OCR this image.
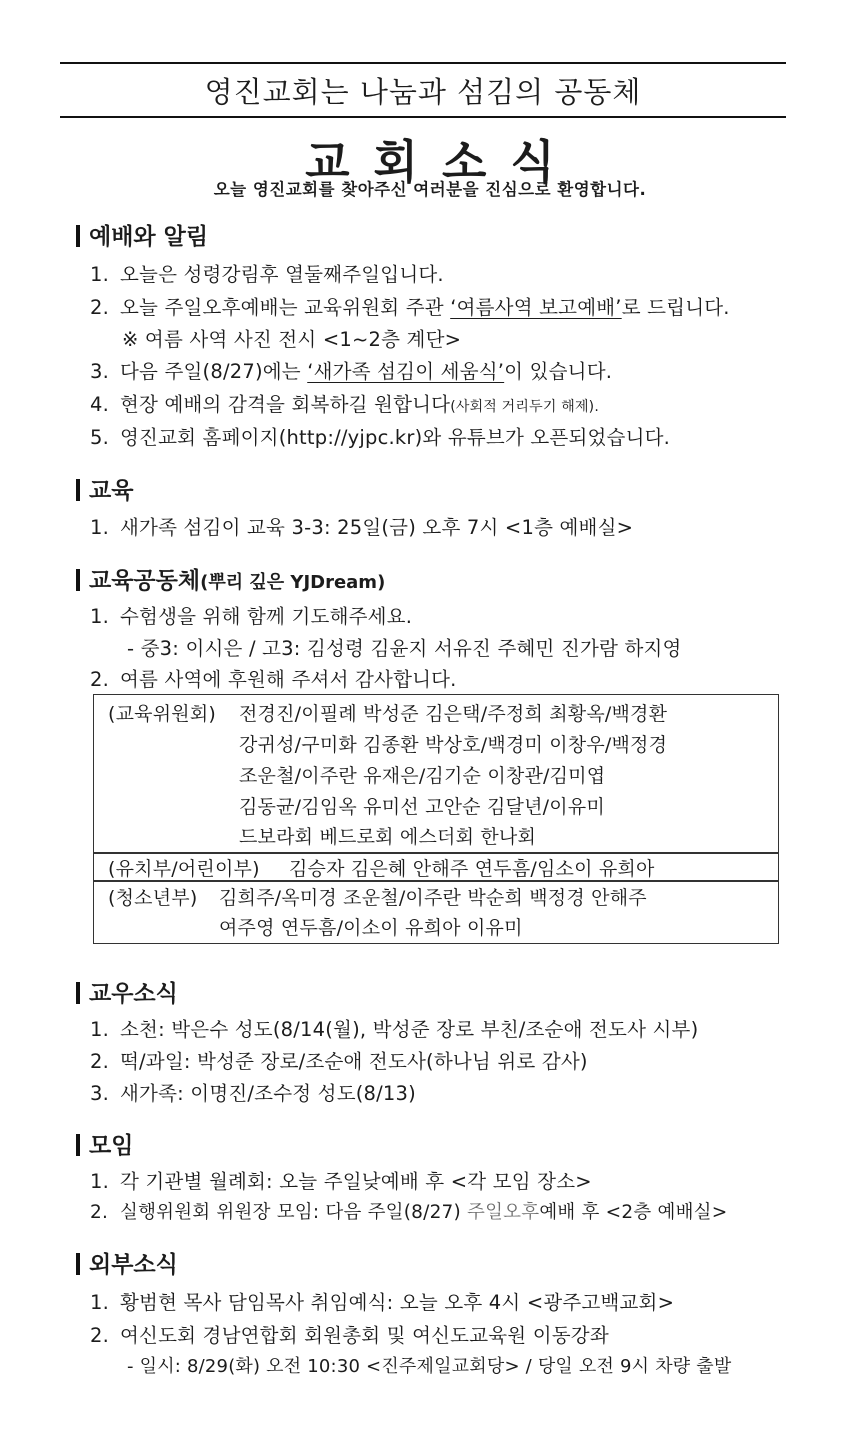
영진교회는 나눔과 섬김의 공동체
교회소식
오늘 영진교회를 찾아주신 여러분을 진심으로 환영합니다.
예배와 알림
1. 오늘은 성령강림후 열둘째주일입니다.
2. 오늘 주일오후예배는 교육위원회 주관 ‘여름사역 보고예배’로 드립니다.
※ 여름 사역 사진 전시 <1~2층 계단>
3. 다음 주일(8/27)에는 ‘새가족 섬김이 세움식’이 있습니다.
4. 현장 예배의 감격을 회복하길 원합니다(사회적 거리두기 해제).
5. 영진교회 홈페이지(http://yjpc.kr)와 유튜브가 오픈되었습니다.
교육
1. 새가족 섬김이 교육 3-3: 25일(금) 오후 7시 <1층 예배실>
교육공동체(뿌리 깊은 YJDream)
1. 수험생을 위해 함께 기도해주세요.
- 중3: 이시은 / 고3: 김성령 김윤지 서유진 주혜민 진가람 하지영
2. 여름 사역에 후원해 주셔서 감사합니다.
(교육위원회) 전경진/이필례 박성준 김은택/주정희 최황옥/백경환
강귀성/구미화 김종환 박상호/백경미 이창우/백정경
조운철/이주란 유재은/김기순 이창관/김미엽
김동균/김임옥 유미선 고안순 김달년/이유미
드보라회 베드로회 에스더회 한나회
(유치부/어린이부) 김승자 김은혜 안해주 연두흠/임소이 유희아
(청소년부) 김희주/옥미경 조운철/이주란 박순희 백정경 안해주
여주영 연두흠/이소이 유희아 이유미
교우소식
1. 소천: 박은수 성도(8/14(월), 박성준 장로 부친/조순애 전도사 시부)
2. 떡/과일: 박성준 장로/조순애 전도사(하나님 위로 감사)
3. 새가족: 이명진/조수정 성도(8/13)
모임
1. 각 기관별 월례회: 오늘 주일낮예배 후 <각 모임 장소>
2. 실행위원회 위원장 모임: 다음 주일(8/27) 주일오후예배 후 <2층 예배실>
외부소식
1. 황범현 목사 담임목사 취임예식: 오늘 오후 4시 <광주고백교회>
2. 여신도회 경남연합회 회원총회 및 여신도교육원 이동강좌
- 일시: 8/29(화) 오전 10:30 <진주제일교회당> / 당일 오전 9시 차량 출발
